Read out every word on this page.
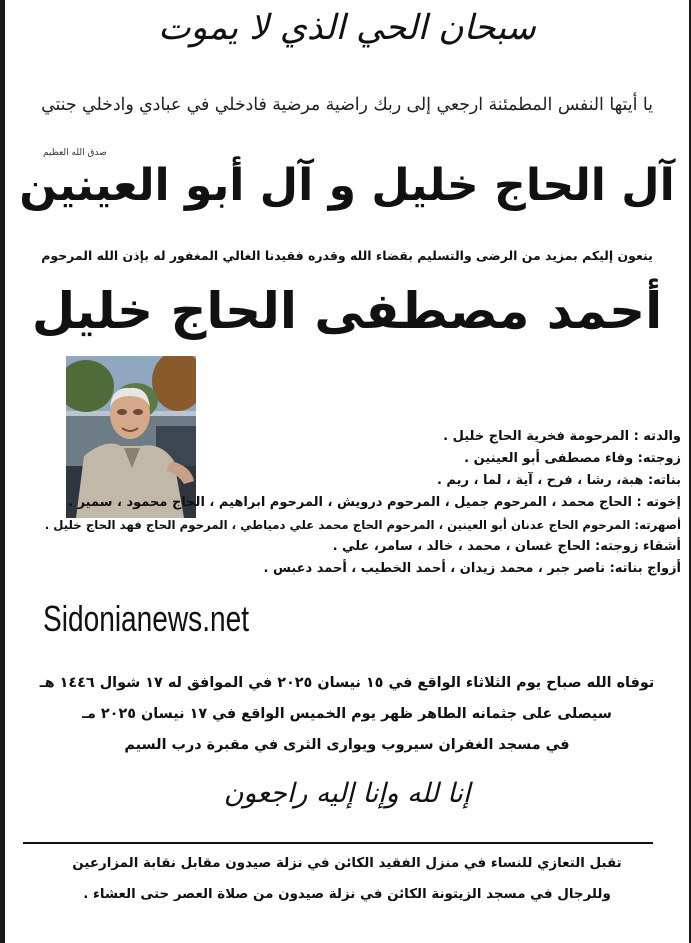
سبحان الحي الذي لا يموت
يا أيتها النفس المطمئنة ارجعي إلى ربك راضية مرضية فادخلي في عبادي وادخلي جنتي
صدق الله العظيم
آل الحاج خليل و آل أبو العينين
ينعون إليكم بمزيد من الرضى والتسليم بقضاء الله وقدره فقيدنا الغالي المغفور له بإذن الله المرحوم
أحمد مصطفى الحاج خليل
والدته : المرحومة فخرية الحاج خليل .
زوجته: وفاء مصطفى أبو العينين .
بناته: هبة، رشا ، فرح ، آية ، لما ، ريم .
إخوته : الحاج محمد ، المرحوم جميل ، المرحوم درويش ، المرحوم ابراهيم ، الحاج محمود ، سمير .
أصهرته: المرحوم الحاج عدنان أبو العينين ، المرحوم الحاج محمد علي دمياطي ، المرحوم الحاج فهد الحاج خليل .
أشقاء زوجته: الحاج غسان ، محمد ، خالد ، سامر، علي .
أزواج بناته: ناصر جبر ، محمد زيدان ، أحمد الخطيب ، أحمد دعبس .
Sidonianews.net
توفاه الله صباح يوم الثلاثاء الواقع في ١٥ نيسان ٢٠٢٥ في الموافق له ١٧ شوال ١٤٤٦ هـ
سيصلى على جثمانه الطاهر ظهر يوم الخميس الواقع في ١٧ نيسان ٢٠٢٥ مـ
في مسجد الغفران سيروب ويوارى الثرى في مقبرة درب السيم
إنا لله وإنا إليه راجعون
تقبل التعازي للنساء في منزل الفقيد الكائن في نزلة صيدون مقابل نقابة المزارعين
وللرجال في مسجد الزيتونة الكائن في نزلة صيدون من صلاة العصر حتى العشاء .
